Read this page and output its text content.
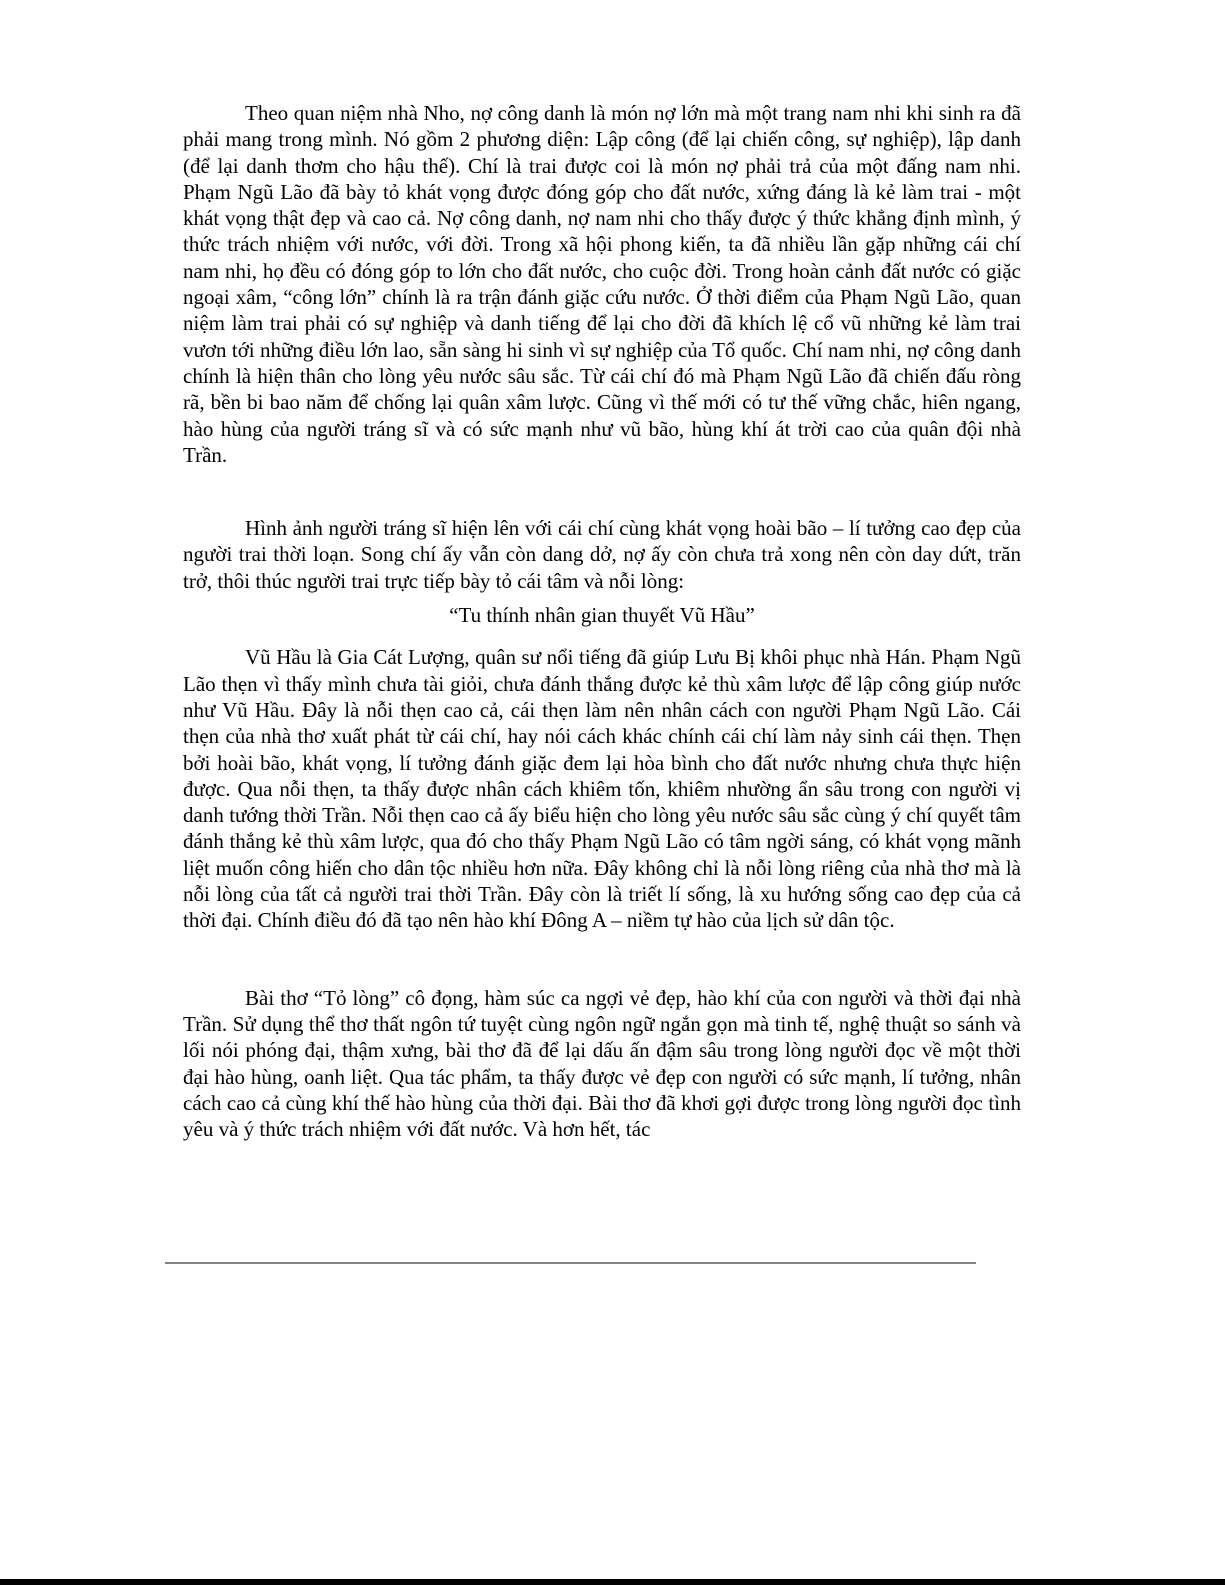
Theo quan niệm nhà Nho, nợ công danh là món nợ lớn mà một trang nam nhi khi sinh ra đã phải mang trong mình. Nó gồm 2 phương diện: Lập công (để lại chiến công, sự nghiệp), lập danh (để lại danh thơm cho hậu thế). Chí là trai được coi là món nợ phải trả của một đấng nam nhi. Phạm Ngũ Lão đã bày tỏ khát vọng được đóng góp cho đất nước, xứng đáng là kẻ làm trai - một khát vọng thật đẹp và cao cả. Nợ công danh, nợ nam nhi cho thấy được ý thức khẳng định mình, ý thức trách nhiệm với nước, với đời. Trong xã hội phong kiến, ta đã nhiều lần gặp những cái chí nam nhi, họ đều có đóng góp to lớn cho đất nước, cho cuộc đời. Trong hoàn cảnh đất nước có giặc ngoại xâm, “công lớn” chính là ra trận đánh giặc cứu nước. Ở thời điểm của Phạm Ngũ Lão, quan niệm làm trai phải có sự nghiệp và danh tiếng để lại cho đời đã khích lệ cổ vũ những kẻ làm trai vươn tới những điều lớn lao, sẵn sàng hi sinh vì sự nghiệp của Tổ quốc. Chí nam nhi, nợ công danh chính là hiện thân cho lòng yêu nước sâu sắc. Từ cái chí đó mà Phạm Ngũ Lão đã chiến đấu ròng rã, bền bi bao năm để chống lại quân xâm lược. Cũng vì thế mới có tư thế vững chắc, hiên ngang, hào hùng của người tráng sĩ và có sức mạnh như vũ bão, hùng khí át trời cao của quân đội nhà Trần.

Hình ảnh người tráng sĩ hiện lên với cái chí cùng khát vọng hoài bão – lí tưởng cao đẹp của người trai thời loạn. Song chí ấy vẫn còn dang dở, nợ ấy còn chưa trả xong nên còn day dứt, trăn trở, thôi thúc người trai trực tiếp bày tỏ cái tâm và nỗi lòng:

“Tu thính nhân gian thuyết Vũ Hầu”

Vũ Hầu là Gia Cát Lượng, quân sư nổi tiếng đã giúp Lưu Bị khôi phục nhà Hán. Phạm Ngũ Lão thẹn vì thấy mình chưa tài giỏi, chưa đánh thắng được kẻ thù xâm lược để lập công giúp nước như Vũ Hầu. Đây là nỗi thẹn cao cả, cái thẹn làm nên nhân cách con người Phạm Ngũ Lão. Cái thẹn của nhà thơ xuất phát từ cái chí, hay nói cách khác chính cái chí làm nảy sinh cái thẹn. Thẹn bởi hoài bão, khát vọng, lí tưởng đánh giặc đem lại hòa bình cho đất nước nhưng chưa thực hiện được. Qua nỗi thẹn, ta thấy được nhân cách khiêm tốn, khiêm nhường ẩn sâu trong con người vị danh tướng thời Trần. Nỗi thẹn cao cả ấy biểu hiện cho lòng yêu nước sâu sắc cùng ý chí quyết tâm đánh thắng kẻ thù xâm lược, qua đó cho thấy Phạm Ngũ Lão có tâm ngời sáng, có khát vọng mãnh liệt muốn công hiến cho dân tộc nhiều hơn nữa. Đây không chỉ là nỗi lòng riêng của nhà thơ mà là nỗi lòng của tất cả người trai thời Trần. Đây còn là triết lí sống, là xu hướng sống cao đẹp của cả thời đại. Chính điều đó đã tạo nên hào khí Đông A – niềm tự hào của lịch sử dân tộc.

Bài thơ “Tỏ lòng” cô đọng, hàm súc ca ngợi vẻ đẹp, hào khí của con người và thời đại nhà Trần. Sử dụng thể thơ thất ngôn tứ tuyệt cùng ngôn ngữ ngắn gọn mà tinh tế, nghệ thuật so sánh và lối nói phóng đại, thậm xưng, bài thơ đã để lại dấu ấn đậm sâu trong lòng người đọc về một thời đại hào hùng, oanh liệt. Qua tác phẩm, ta thấy được vẻ đẹp con người có sức mạnh, lí tưởng, nhân cách cao cả cùng khí thế hào hùng của thời đại. Bài thơ đã khơi gợi được trong lòng người đọc tình yêu và ý thức trách nhiệm với đất nước. Và hơn hết, tác
